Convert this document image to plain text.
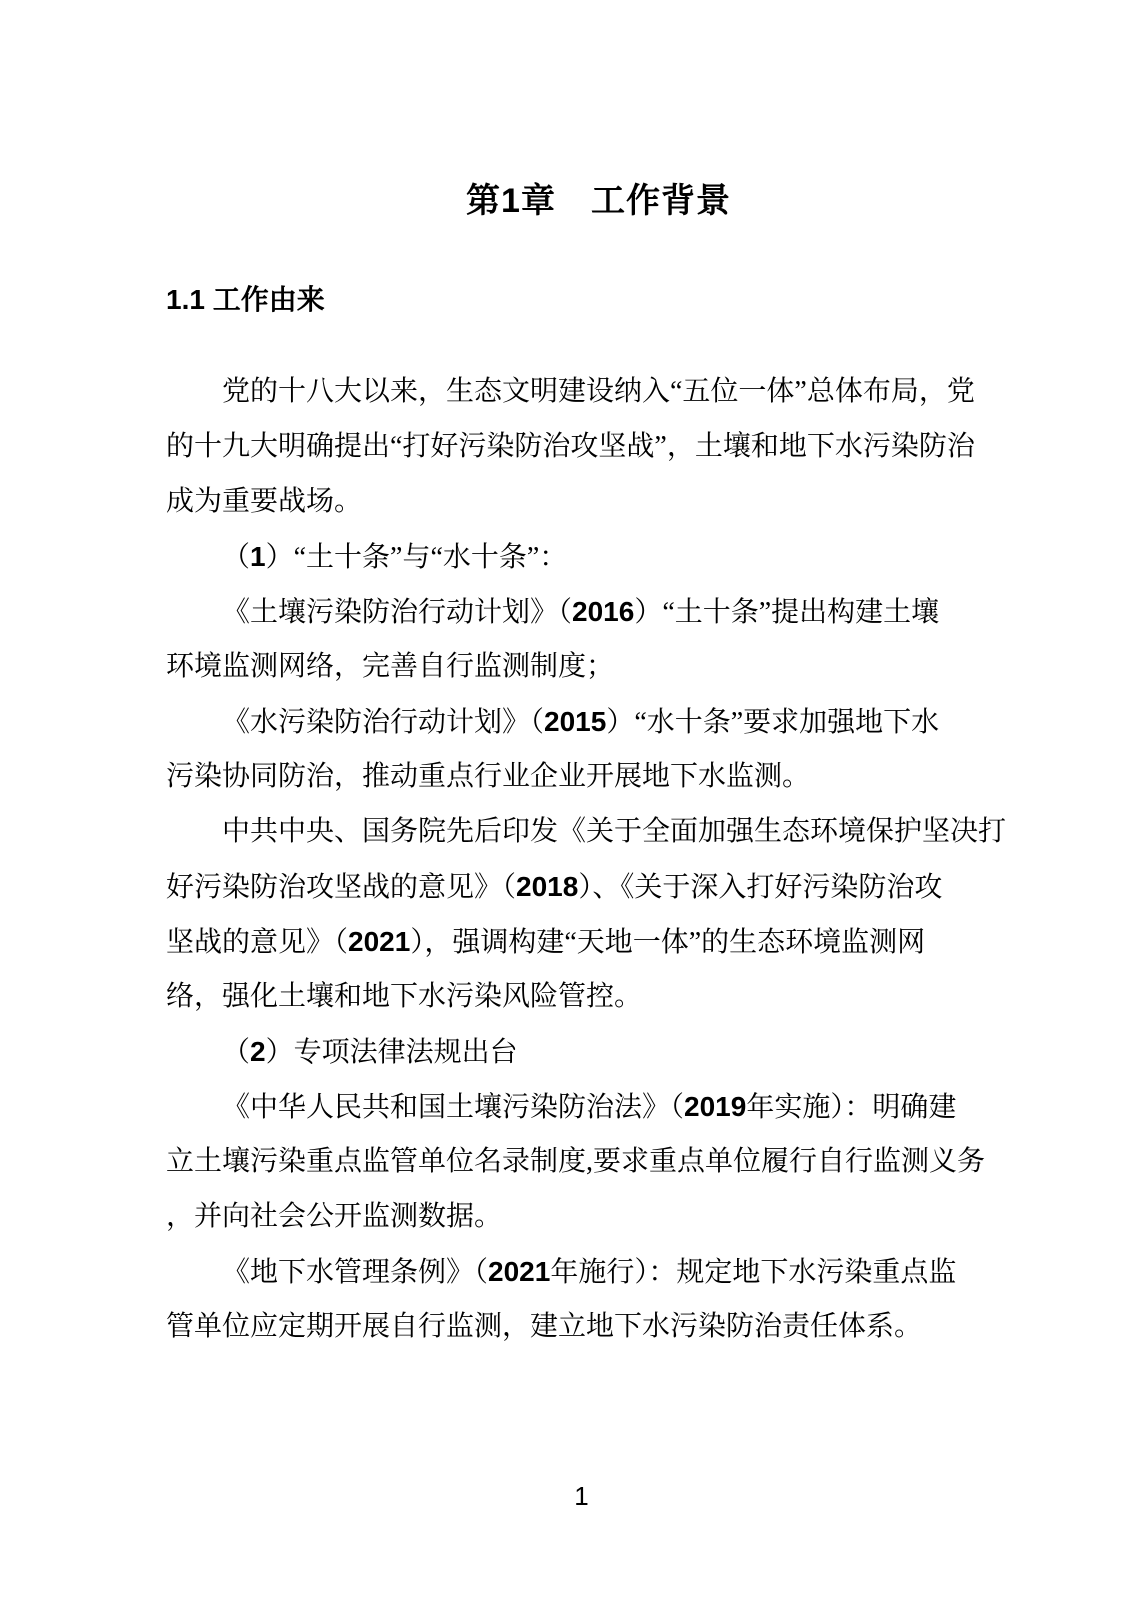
第1章　工作背景
1.1 工作由来
党的十八大以来，生态文明建设纳入“五位一体”总体布局，党
的十九大明确提出“打好污染防治攻坚战”，土壤和地下水污染防治
成为重要战场。
（1）“土十条”与“水十条”：
《土壤污染防治行动计划》（2016）“土十条”提出构建土壤
环境监测网络，完善自行监测制度；
《水污染防治行动计划》（2015）“水十条”要求加强地下水
污染协同防治，推动重点行业企业开展地下水监测。
中共中央、国务院先后印发《关于全面加强生态环境保护坚决打
好污染防治攻坚战的意见》（2018）、《关于深入打好污染防治攻
坚战的意见》（2021），强调构建“天地一体”的生态环境监测网
络，强化土壤和地下水污染风险管控。
（2）专项法律法规出台
《中华人民共和国土壤污染防治法》（2019年实施）：明确建
立土壤污染重点监管单位名录制度,要求重点单位履行自行监测义务
，并向社会公开监测数据。
《地下水管理条例》（2021年施行）：规定地下水污染重点监
管单位应定期开展自行监测，建立地下水污染防治责任体系。
1
